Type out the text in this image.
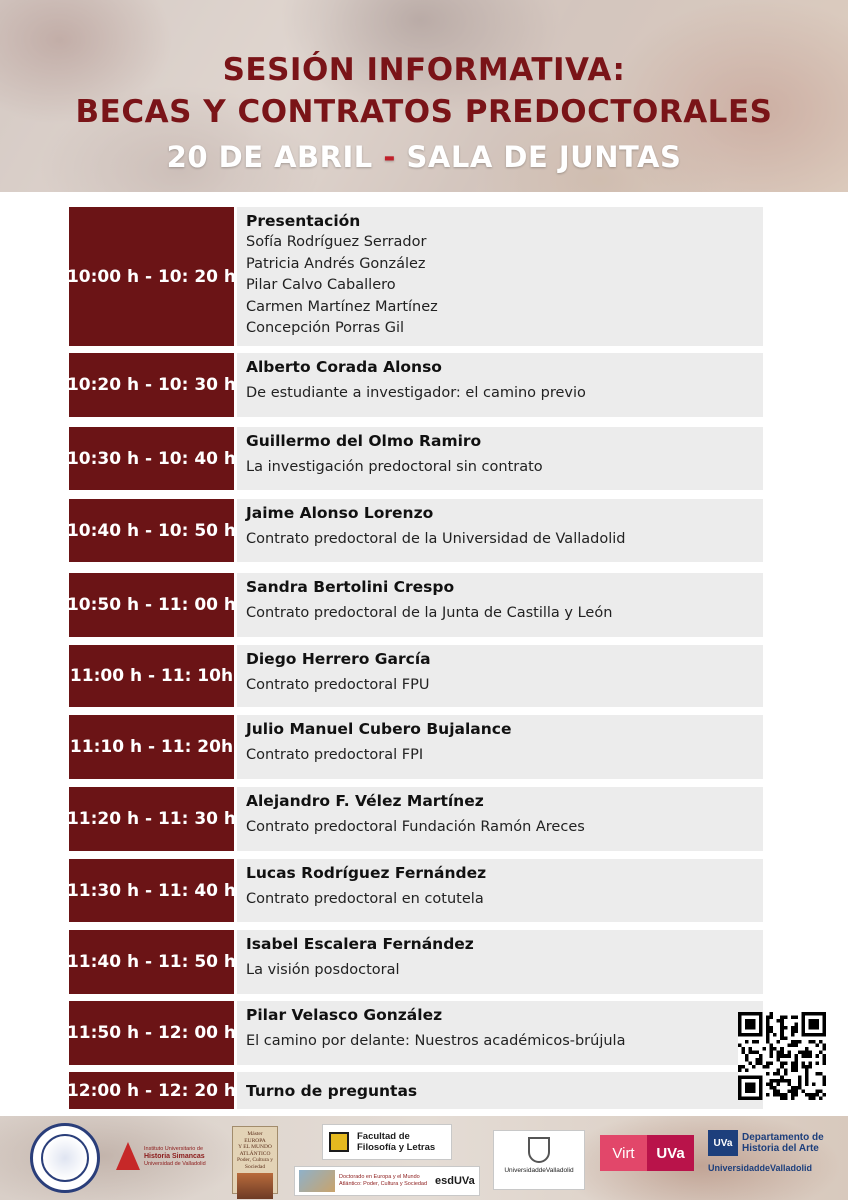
SESIÓN INFORMATIVA:
BECAS Y CONTRATOS PREDOCTORALES
20 DE ABRIL - SALA DE JUNTAS
10:00 h - 10: 20 h
Presentación
Sofía Rodríguez Serrador
Patricia Andrés González
Pilar Calvo Caballero
Carmen Martínez Martínez
Concepción Porras Gil
10:20 h - 10: 30 h
Alberto Corada Alonso
De estudiante a investigador: el camino previo
10:30 h - 10: 40 h
Guillermo del Olmo Ramiro
La investigación predoctoral sin contrato
10:40 h - 10: 50 h
Jaime Alonso Lorenzo
Contrato predoctoral de la Universidad de Valladolid
10:50 h - 11: 00 h
Sandra Bertolini Crespo
Contrato predoctoral de la Junta de Castilla y León
11:00 h - 11: 10h
Diego Herrero García
Contrato predoctoral FPU
11:10 h - 11: 20h
Julio Manuel Cubero Bujalance
Contrato predoctoral FPI
11:20 h - 11: 30 h
Alejandro F. Vélez Martínez
Contrato predoctoral Fundación Ramón Areces
11:30 h - 11: 40 h
Lucas Rodríguez Fernández
Contrato predoctoral en cotutela
11:40 h - 11: 50 h
Isabel Escalera Fernández
La visión posdoctoral
11:50 h - 12: 00 h
Pilar Velasco González
El camino por delante: Nuestros académicos-brújula
12:00 h - 12: 20 h Turno de preguntas
Instituto Universitario de
Historia Simancas
Universidad de Valladolid
Máster
EUROPA
Y EL MUNDO
ATLÁNTICO
Poder, Cultura y Sociedad
Facultad de
Filosofía y Letras
Doctorado en Europa y el Mundo Atlántico: Poder, Cultura y Sociedad esdUVa
UniversidaddeValladolid
Virt	UVa
UVa
Departamento de
Historia del Arte
UniversidaddeValladolid
